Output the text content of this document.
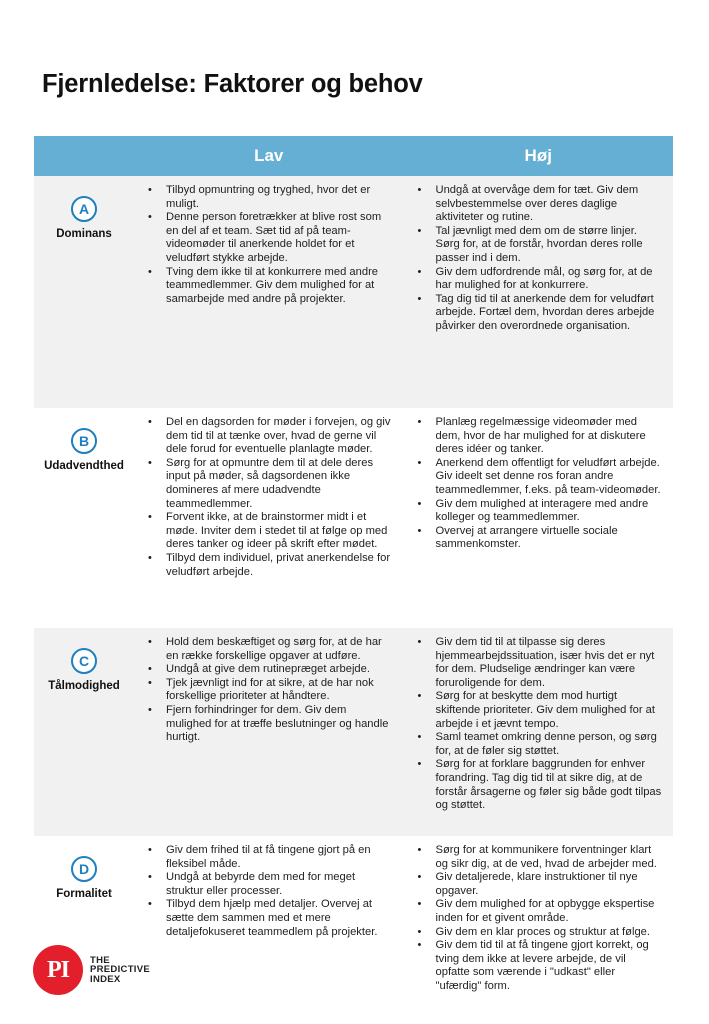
Fjernledelse: Faktorer og behov
Lav	Høj
A
Dominans
• Tilbyd opmuntring og tryghed, hvor det er muligt.
• Denne person foretrækker at blive rost som en del af et team. Sæt tid af på team-videomøder til anerkende holdet for et veludført stykke arbejde.
• Tving dem ikke til at konkurrere med andre teammedlemmer. Giv dem mulighed for at samarbejde med andre på projekter.
• Undgå at overvåge dem for tæt. Giv dem selvbestemmelse over deres daglige aktiviteter og rutine.
• Tal jævnligt med dem om de større linjer. Sørg for, at de forstår, hvordan deres rolle passer ind i dem.
• Giv dem udfordrende mål, og sørg for, at de har mulighed for at konkurrere.
• Tag dig tid til at anerkende dem for veludført arbejde. Fortæl dem, hvordan deres arbejde påvirker den overordnede organisation.
B
Udadvendthed
• Del en dagsorden for møder i forvejen, og giv dem tid til at tænke over, hvad de gerne vil dele forud for eventuelle planlagte møder.
• Sørg for at opmuntre dem til at dele deres input på møder, så dagsordenen ikke domineres af mere udadvendte teammedlemmer.
• Forvent ikke, at de brainstormer midt i et møde. Inviter dem i stedet til at følge op med deres tanker og ideer på skrift efter mødet.
• Tilbyd dem individuel, privat anerkendelse for veludført arbejde.
• Planlæg regelmæssige videomøder med dem, hvor de har mulighed for at diskutere deres idéer og tanker.
• Anerkend dem offentligt for veludført arbejde. Giv ideelt set denne ros foran andre teammedlemmer, f.eks. på team-videomøder.
• Giv dem mulighed at interagere med andre kolleger og teammedlemmer.
• Overvej at arrangere virtuelle sociale sammenkomster.
C
Tålmodighed
• Hold dem beskæftiget og sørg for, at de har en række forskellige opgaver at udføre.
• Undgå at give dem rutinepræget arbejde.
• Tjek jævnligt ind for at sikre, at de har nok forskellige prioriteter at håndtere.
• Fjern forhindringer for dem. Giv dem mulighed for at træffe beslutninger og handle hurtigt.
• Giv dem tid til at tilpasse sig deres hjemmearbejdssituation, især hvis det er nyt for dem. Pludselige ændringer kan være foruroligende for dem.
• Sørg for at beskytte dem mod hurtigt skiftende prioriteter. Giv dem mulighed for at arbejde i et jævnt tempo.
• Saml teamet omkring denne person, og sørg for, at de føler sig støttet.
• Sørg for at forklare baggrunden for enhver forandring. Tag dig tid til at sikre dig, at de forstår årsagerne og føler sig både godt tilpas og støttet.
D
Formalitet
• Giv dem frihed til at få tingene gjort på en fleksibel måde.
• Undgå at bebyrde dem med for meget struktur eller processer.
• Tilbyd dem hjælp med detaljer. Overvej at sætte dem sammen med et mere detaljefokuseret teammedlem på projekter.
• Sørg for at kommunikere forventninger klart og sikr dig, at de ved, hvad de arbejder med.
• Giv detaljerede, klare instruktioner til nye opgaver.
• Giv dem mulighed for at opbygge ekspertise inden for et givent område.
• Giv dem en klar proces og struktur at følge.
• Giv dem tid til at få tingene gjort korrekt, og tving dem ikke at levere arbejde, de vil opfatte som værende i "udkast" eller "ufærdig" form.
PI	THE
PREDICTIVE
INDEX
